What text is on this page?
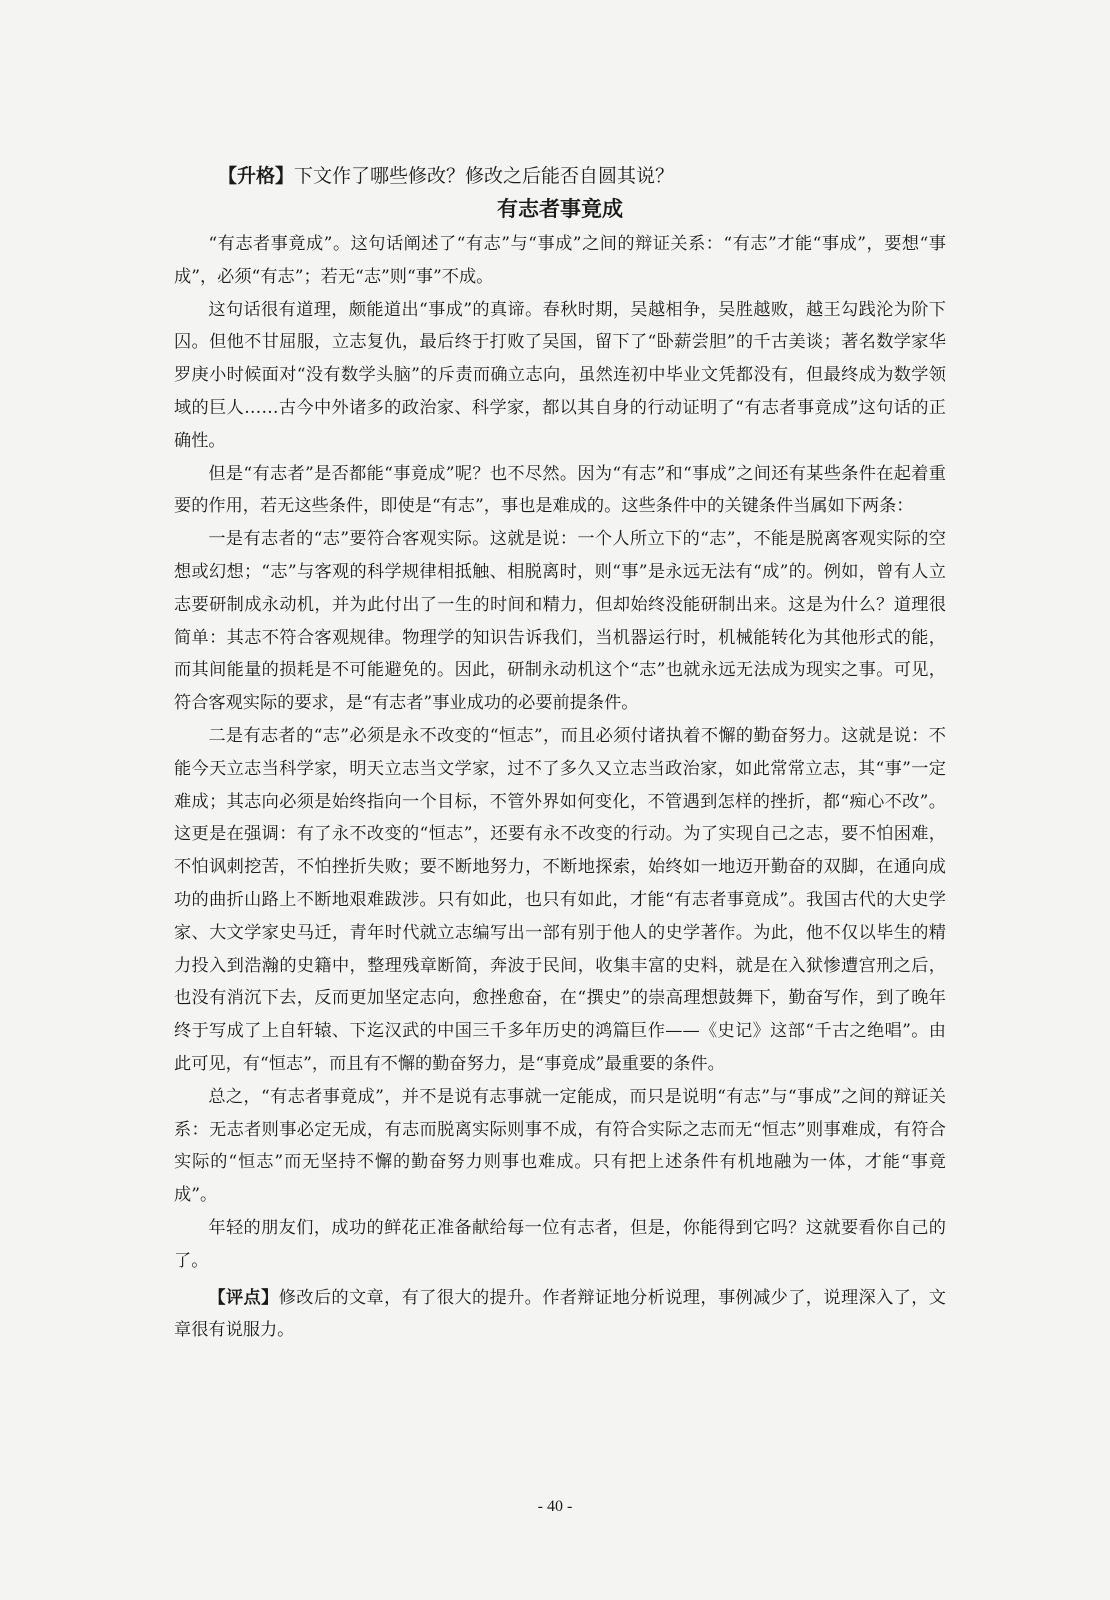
【升格】下文作了哪些修改？修改之后能否自圆其说？

有志者事竟成

“有志者事竟成”。这句话阐述了“有志”与“事成”之间的辩证关系：“有志”才能“事成”，要想“事成”，必须“有志”；若无“志”则“事”不成。

这句话很有道理，颇能道出“事成”的真谛。春秋时期，吴越相争，吴胜越败，越王勾践沦为阶下囚。但他不甘屈服，立志复仇，最后终于打败了吴国，留下了“卧薪尝胆”的千古美谈；著名数学家华罗庚小时候面对“没有数学头脑”的斥责而确立志向，虽然连初中毕业文凭都没有，但最终成为数学领域的巨人……古今中外诸多的政治家、科学家，都以其自身的行动证明了“有志者事竟成”这句话的正确性。

但是“有志者”是否都能“事竟成”呢？也不尽然。因为“有志”和“事成”之间还有某些条件在起着重要的作用，若无这些条件，即使是“有志”，事也是难成的。这些条件中的关键条件当属如下两条：

一是有志者的“志”要符合客观实际。这就是说：一个人所立下的“志”，不能是脱离客观实际的空想或幻想；“志”与客观的科学规律相抵触、相脱离时，则“事”是永远无法有“成”的。例如，曾有人立志要研制成永动机，并为此付出了一生的时间和精力，但却始终没能研制出来。这是为什么？道理很简单：其志不符合客观规律。物理学的知识告诉我们，当机器运行时，机械能转化为其他形式的能，而其间能量的损耗是不可能避免的。因此，研制永动机这个“志”也就永远无法成为现实之事。可见，符合客观实际的要求，是“有志者”事业成功的必要前提条件。

二是有志者的“志”必须是永不改变的“恒志”，而且必须付诸执着不懈的勤奋努力。这就是说：不能今天立志当科学家，明天立志当文学家，过不了多久又立志当政治家，如此常常立志，其“事”一定难成；其志向必须是始终指向一个目标，不管外界如何变化，不管遇到怎样的挫折，都“痴心不改”。这更是在强调：有了永不改变的“恒志”，还要有永不改变的行动。为了实现自己之志，要不怕困难，不怕讽刺挖苦，不怕挫折失败；要不断地努力，不断地探索，始终如一地迈开勤奋的双脚，在通向成功的曲折山路上不断地艰难跋涉。只有如此，也只有如此，才能“有志者事竟成”。我国古代的大史学家、大文学家史马迁，青年时代就立志编写出一部有别于他人的史学著作。为此，他不仅以毕生的精力投入到浩瀚的史籍中，整理残章断简，奔波于民间，收集丰富的史料，就是在入狱惨遭宫刑之后，也没有消沉下去，反而更加坚定志向，愈挫愈奋，在“撰史”的崇高理想鼓舞下，勤奋写作，到了晚年终于写成了上自轩辕、下迄汉武的中国三千多年历史的鸿篇巨作——《史记》这部“千古之绝唱”。由此可见，有“恒志”，而且有不懈的勤奋努力，是“事竟成”最重要的条件。

总之，“有志者事竟成”，并不是说有志事就一定能成，而只是说明“有志”与“事成”之间的辩证关系：无志者则事必定无成，有志而脱离实际则事不成，有符合实际之志而无“恒志”则事难成，有符合实际的“恒志”而无坚持不懈的勤奋努力则事也难成。只有把上述条件有机地融为一体，才能“事竟成”。

年轻的朋友们，成功的鲜花正准备献给每一位有志者，但是，你能得到它吗？这就要看你自己的了。

【评点】修改后的文章，有了很大的提升。作者辩证地分析说理，事例减少了，说理深入了，文章很有说服力。

- 40 -
